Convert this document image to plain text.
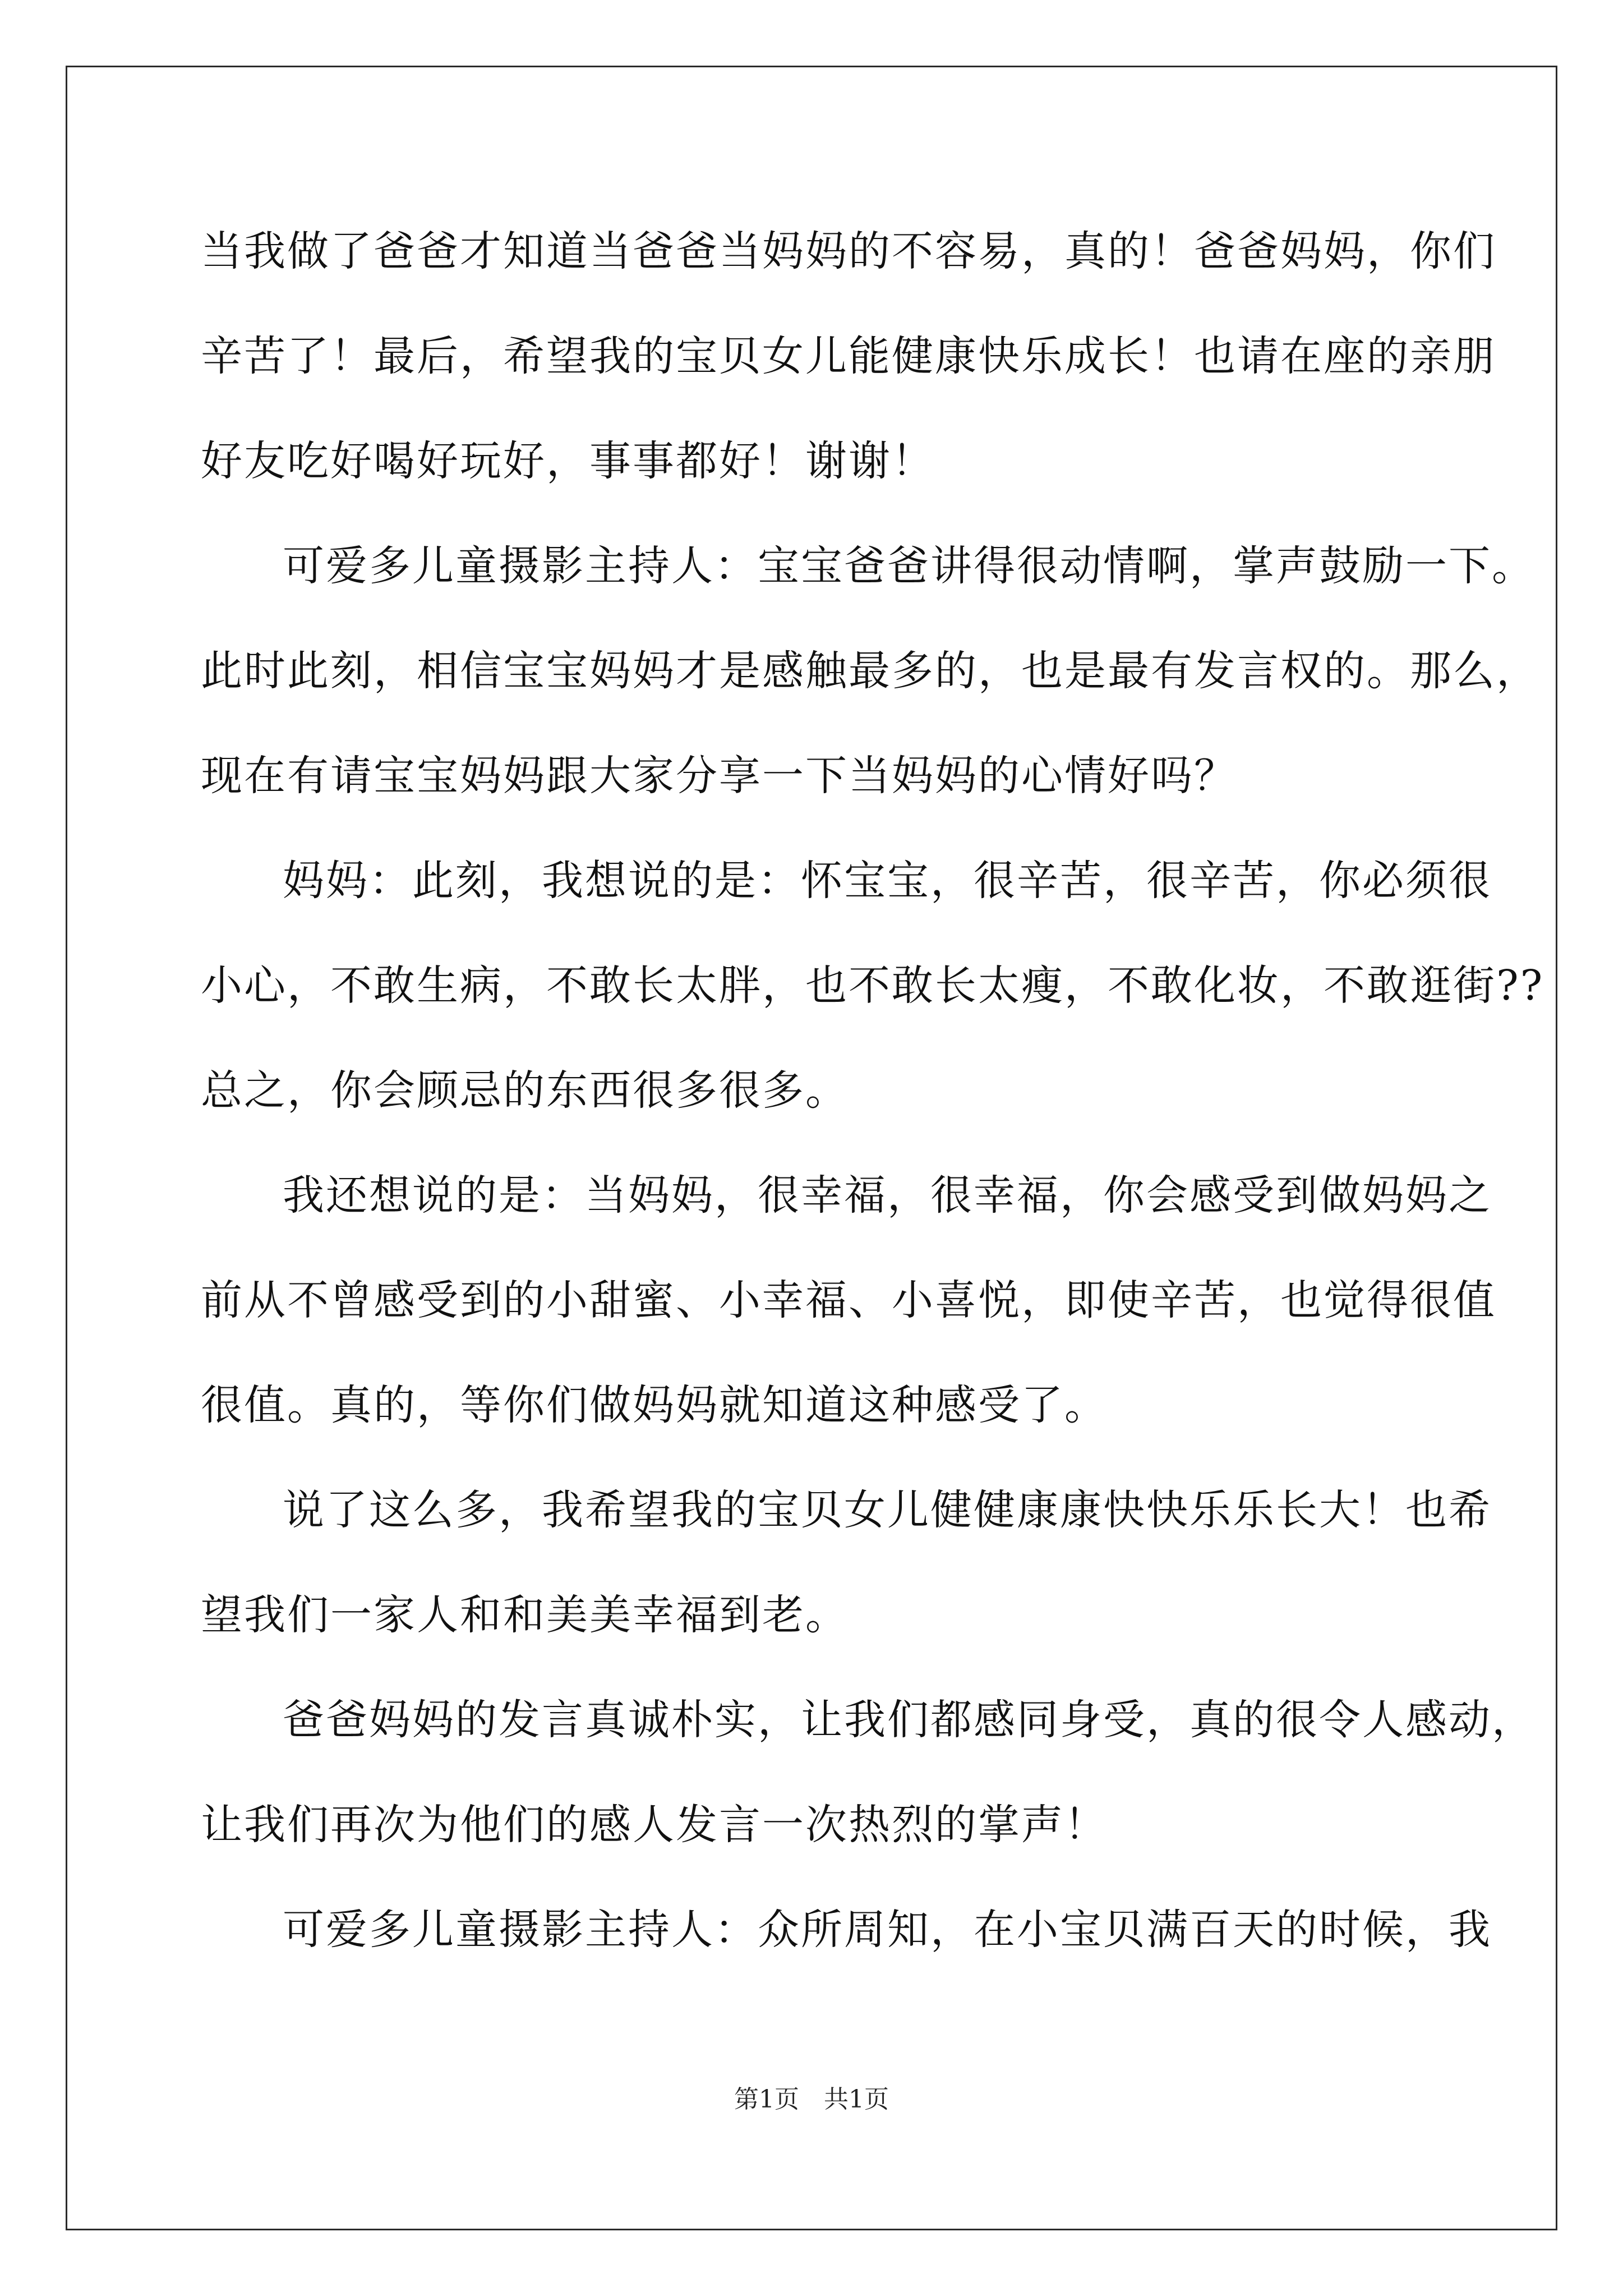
当我做了爸爸才知道当爸爸当妈妈的不容易，真的！爸爸妈妈，你们
辛苦了！最后，希望我的宝贝女儿能健康快乐成长！也请在座的亲朋
好友吃好喝好玩好，事事都好！谢谢！
可爱多儿童摄影主持人：宝宝爸爸讲得很动情啊，掌声鼓励一下。
此时此刻，相信宝宝妈妈才是感触最多的，也是最有发言权的。那么，
现在有请宝宝妈妈跟大家分享一下当妈妈的心情好吗？
妈妈：此刻，我想说的是：怀宝宝，很辛苦，很辛苦，你必须很
小心，不敢生病，不敢长太胖，也不敢长太瘦，不敢化妆，不敢逛街??
总之，你会顾忌的东西很多很多。
我还想说的是：当妈妈，很幸福，很幸福，你会感受到做妈妈之
前从不曾感受到的小甜蜜、小幸福、小喜悦，即使辛苦，也觉得很值
很值。真的，等你们做妈妈就知道这种感受了。
说了这么多，我希望我的宝贝女儿健健康康快快乐乐长大！也希
望我们一家人和和美美幸福到老。
爸爸妈妈的发言真诚朴实，让我们都感同身受，真的很令人感动，
让我们再次为他们的感人发言一次热烈的掌声！
可爱多儿童摄影主持人：众所周知，在小宝贝满百天的时候，我
第1页　共1页
